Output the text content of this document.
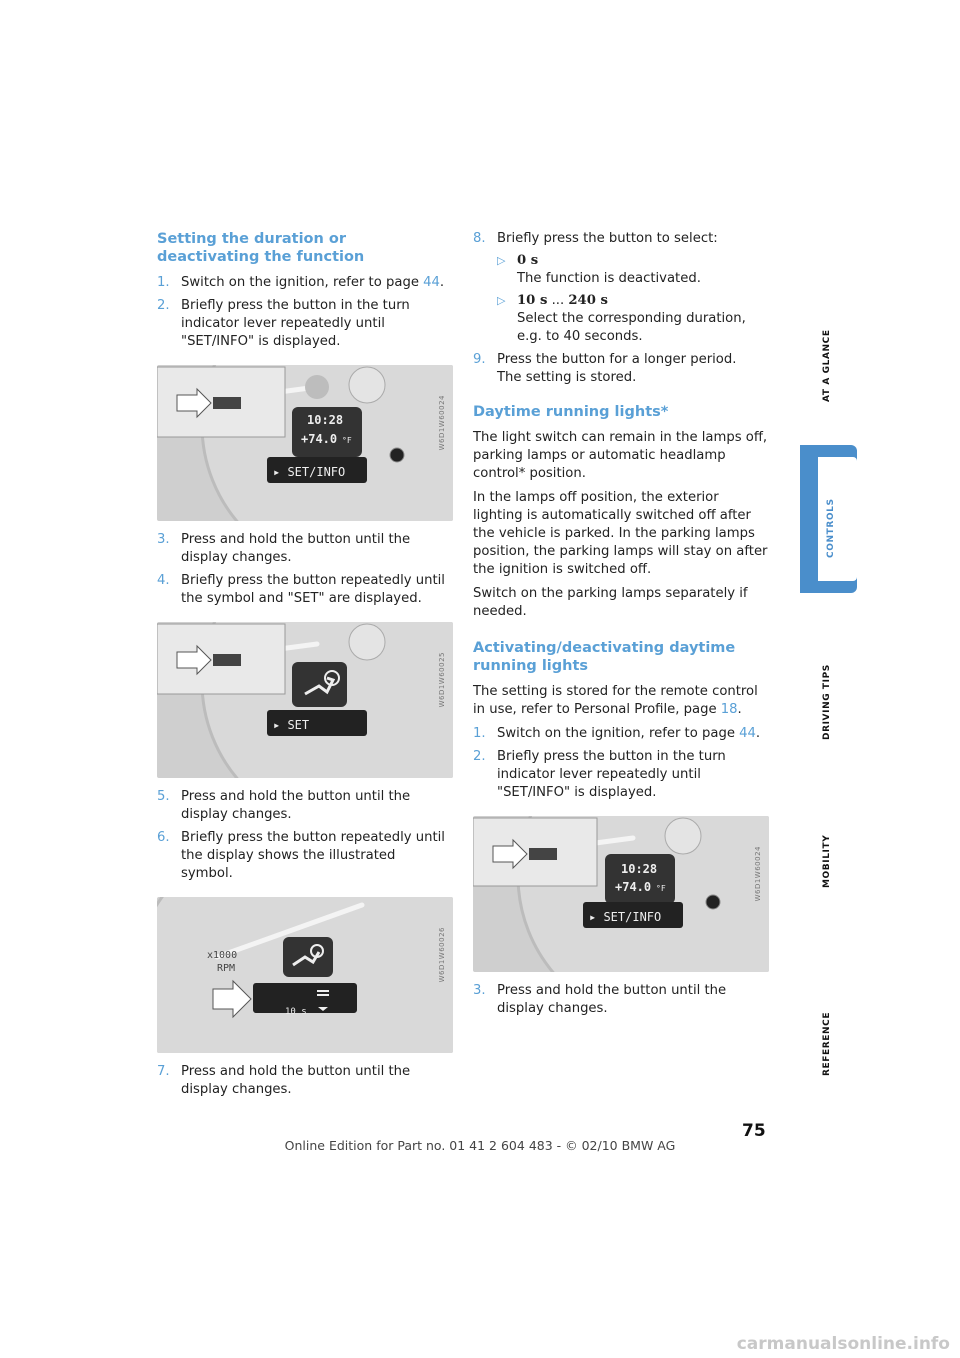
Setting the duration or deactivating the function
1. Switch on the ignition, refer to page 44.
2. Briefly press the button in the turn indicator lever repeatedly until "SET/INFO" is displayed.
10:28
+74.0 °F
▸ SET/INFO
W6D1W60024
3. Press and hold the button until the display changes.
4. Briefly press the button repeatedly until the symbol and "SET" are displayed.
▸ SET
W6D1W60025
5. Press and hold the button until the display changes.
6. Briefly press the button repeatedly until the display shows the illustrated symbol.
x1000
RPM
10 s
W6D1W60026
7. Press and hold the button until the display changes.
8. Briefly press the button to select:
▷ 0 s
The function is deactivated.
▷ 10 s ... 240 s
Select the corresponding duration, e.g. to 40 seconds.
9. Press the button for a longer period.
The setting is stored.
Daytime running lights*

The light switch can remain in the lamps off, parking lamps or automatic headlamp control* position.

In the lamps off position, the exterior lighting is automatically switched off after the vehicle is parked. In the parking lamps position, the parking lamps will stay on after the ignition is switched off.

Switch on the parking lamps separately if needed.

Activating/deactivating daytime running lights

The setting is stored for the remote control in use, refer to Personal Profile, page 18.

1. Switch on the ignition, refer to page 44.
2. Briefly press the button in the turn indicator lever repeatedly until "SET/INFO" is displayed.
10:28
+74.0 °F
▸ SET/INFO
W6D1W60024
3. Press and hold the button until the display changes.
AT A GLANCE
CONTROLS
DRIVING TIPS
MOBILITY
REFERENCE
75
Online Edition for Part no. 01 41 2 604 483 - © 02/10 BMW AG
carmanualsonline.info
